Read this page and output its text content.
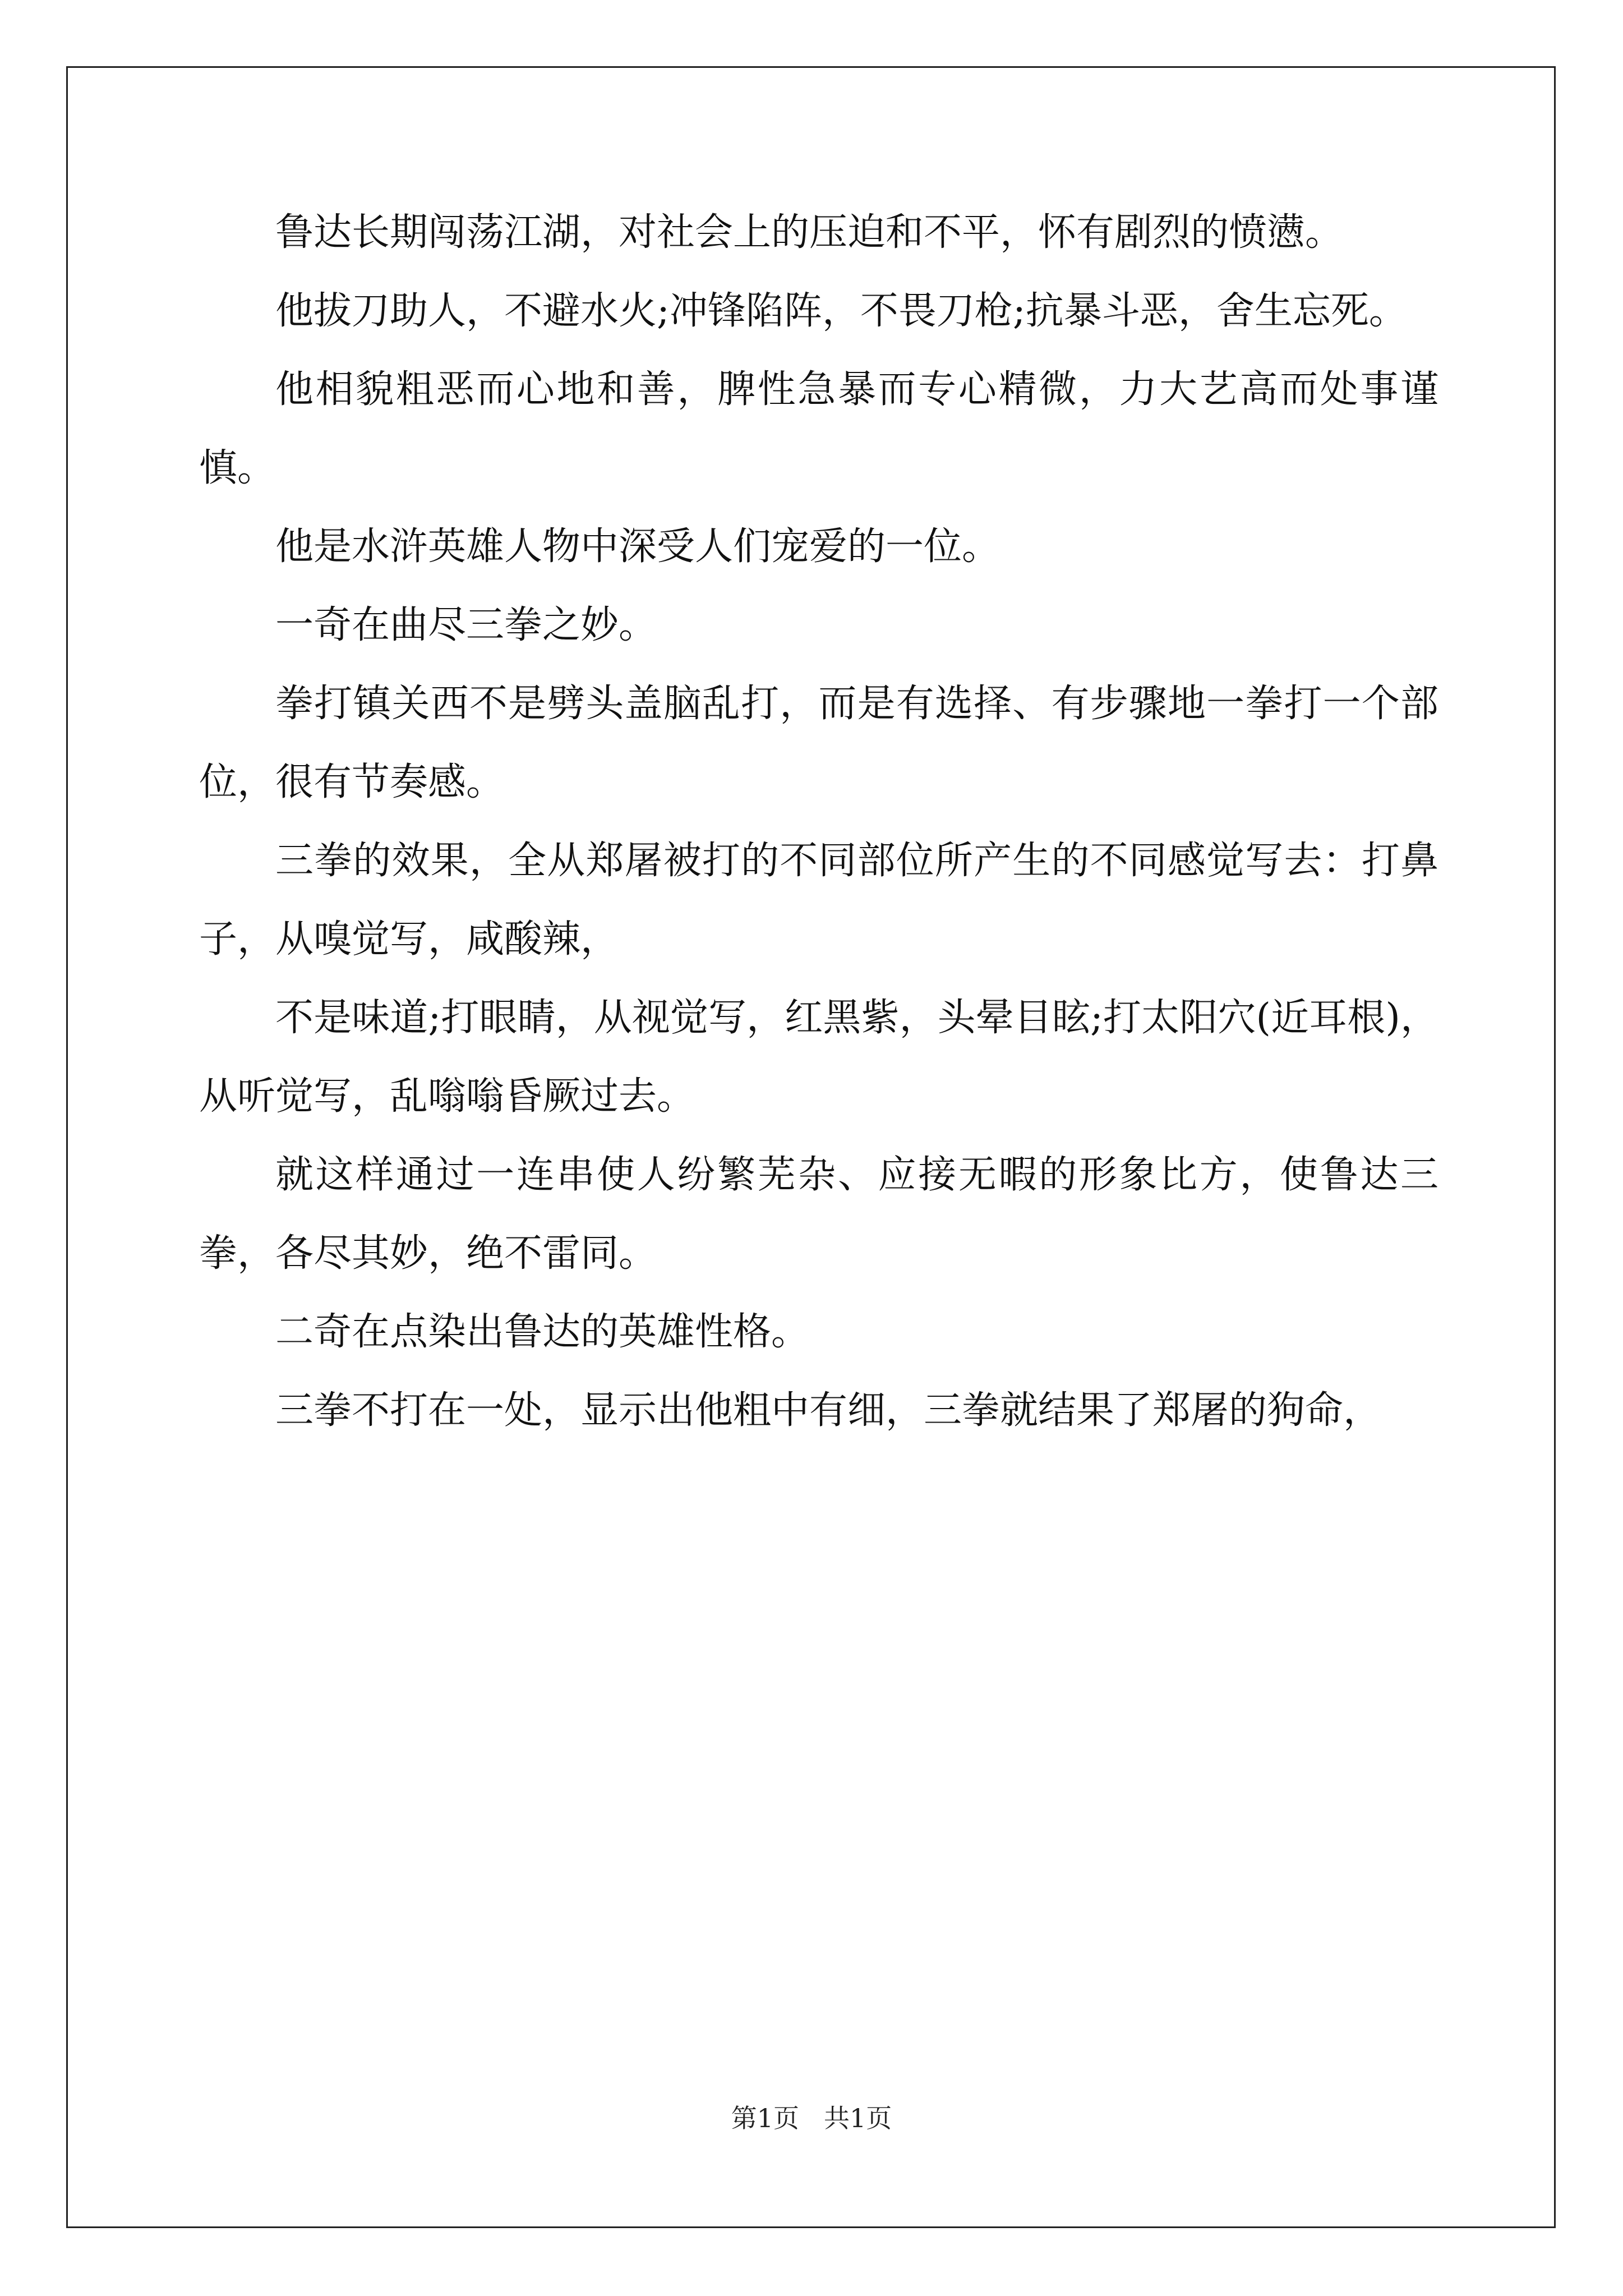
鲁达长期闯荡江湖，对社会上的压迫和不平，怀有剧烈的愤懑。

他拔刀助人，不避水火;冲锋陷阵，不畏刀枪;抗暴斗恶，舍生忘死。

他相貌粗恶而心地和善，脾性急暴而专心精微，力大艺高而处事谨慎。

他是水浒英雄人物中深受人们宠爱的一位。

一奇在曲尽三拳之妙。

拳打镇关西不是劈头盖脑乱打，而是有选择、有步骤地一拳打一个部位，很有节奏感。

三拳的效果，全从郑屠被打的不同部位所产生的不同感觉写去：打鼻子，从嗅觉写，咸酸辣，

不是味道;打眼睛，从视觉写，红黑紫，头晕目眩;打太阳穴(近耳根)，从听觉写，乱嗡嗡昏厥过去。

就这样通过一连串使人纷繁芜杂、应接无暇的形象比方，使鲁达三拳，各尽其妙，绝不雷同。

二奇在点染出鲁达的英雄性格。

三拳不打在一处，显示出他粗中有细，三拳就结果了郑屠的狗命，

第1页 共1页
